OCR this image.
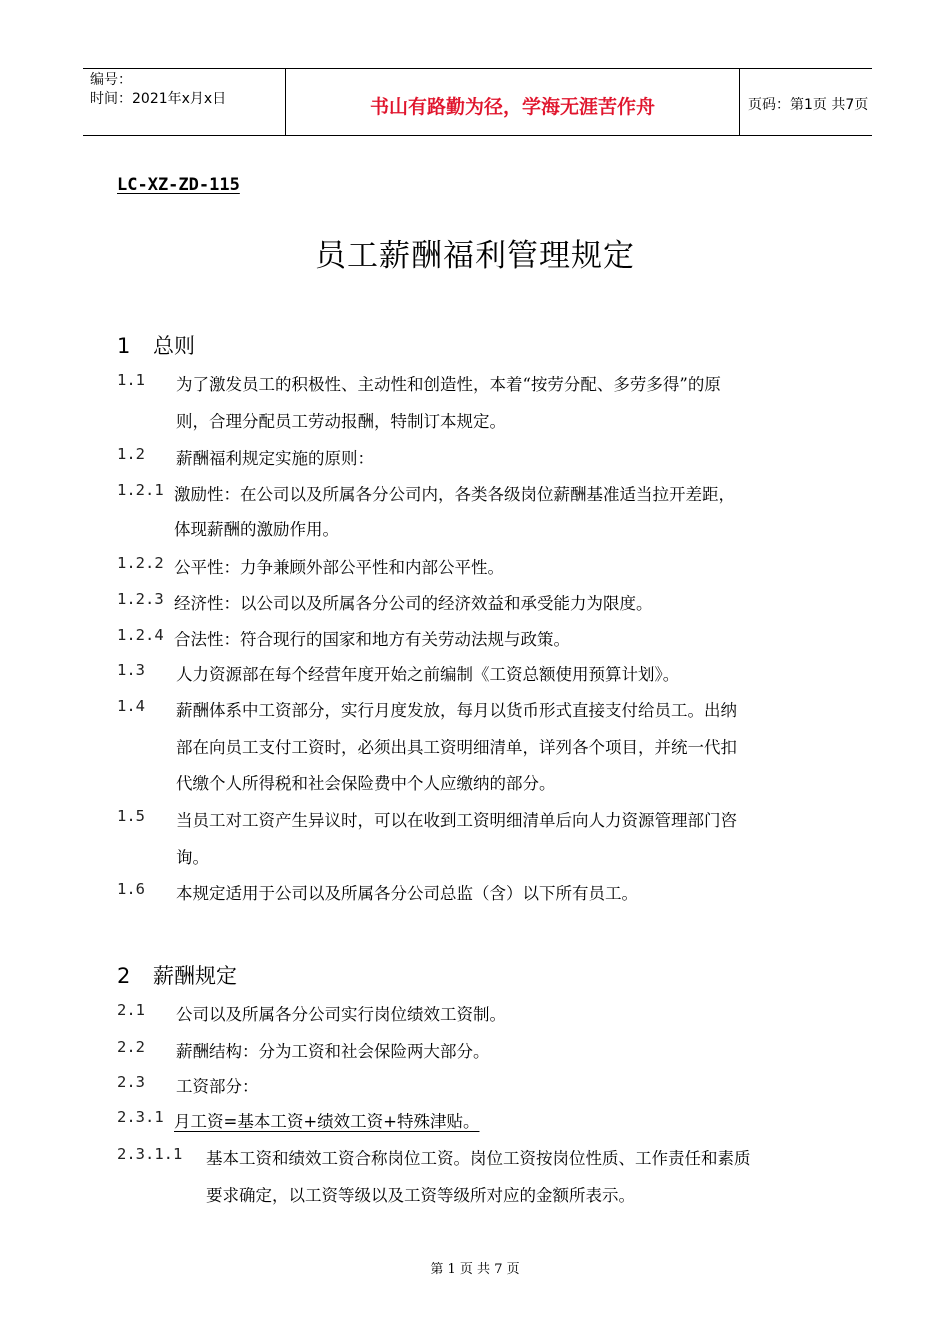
编号：
时间：2021年x月x日	书山有路勤为径，学海无涯苦作舟	页码：第1页 共7页
LC-XZ-ZD-115
员工薪酬福利管理规定
1 总则
1.1 为了激发员工的积极性、主动性和创造性，本着“按劳分配、多劳多得”的原
则，合理分配员工劳动报酬，特制订本规定。
1.2 薪酬福利规定实施的原则：
1.2.1 激励性：在公司以及所属各分公司内，各类各级岗位薪酬基准适当拉开差距，
体现薪酬的激励作用。
1.2.2 公平性：力争兼顾外部公平性和内部公平性。
1.2.3 经济性：以公司以及所属各分公司的经济效益和承受能力为限度。
1.2.4 合法性：符合现行的国家和地方有关劳动法规与政策。
1.3 人力资源部在每个经营年度开始之前编制《工资总额使用预算计划》。
1.4 薪酬体系中工资部分，实行月度发放，每月以货币形式直接支付给员工。出纳
部在向员工支付工资时，必须出具工资明细清单，详列各个项目，并统一代扣
代缴个人所得税和社会保险费中个人应缴纳的部分。
1.5 当员工对工资产生异议时，可以在收到工资明细清单后向人力资源管理部门咨
询。
1.6 本规定适用于公司以及所属各分公司总监（含）以下所有员工。
2 薪酬规定
2.1 公司以及所属各分公司实行岗位绩效工资制。
2.2 薪酬结构：分为工资和社会保险两大部分。
2.3 工资部分：
2.3.1 月工资=基本工资+绩效工资+特殊津贴。
2.3.1.1 基本工资和绩效工资合称岗位工资。岗位工资按岗位性质、工作责任和素质
要求确定，以工资等级以及工资等级所对应的金额所表示。
第 1 页 共 7 页
